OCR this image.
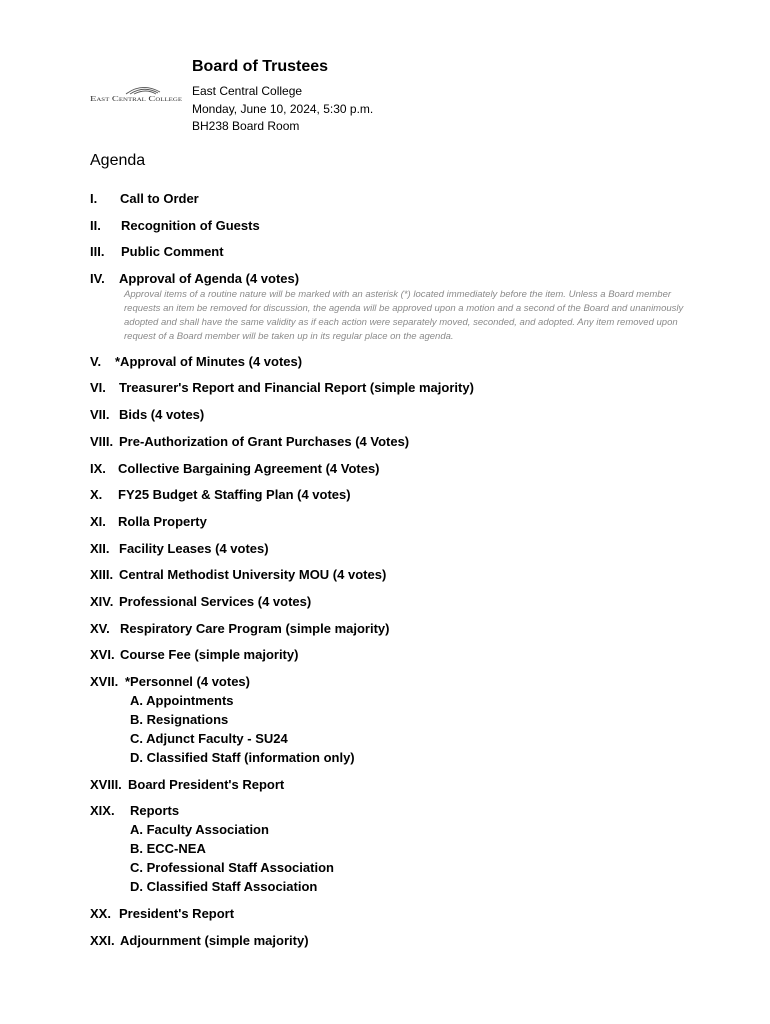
East Central College
Board of Trustees
East Central College
Monday, June 10, 2024, 5:30 p.m.
BH238 Board Room
Agenda
I.	Call to Order
II.	Recognition of Guests
III.	Public Comment
IV.	Approval of Agenda (4 votes)
Approval items of a routine nature will be marked with an asterisk (*) located immediately before the item. Unless a Board member requests an item be removed for discussion, the agenda will be approved upon a motion and a second of the Board and unanimously adopted and shall have the same validity as if each action were separately moved, seconded, and adopted. Any item removed upon request of a Board member will be taken up in its regular place on the agenda.
V.	*Approval of Minutes (4 votes)
VI.	Treasurer's Report and Financial Report (simple majority)
VII. Bids (4 votes)
VIII. Pre-Authorization of Grant Purchases (4 Votes)
IX. Collective Bargaining Agreement (4 Votes)
X.	FY25 Budget & Staffing Plan (4 votes)
XI. Rolla Property
XII. Facility Leases (4 votes)
XIII. Central Methodist University MOU (4 votes)
XIV. Professional Services (4 votes)
XV. Respiratory Care Program (simple majority)
XVI. Course Fee (simple majority)
XVII. *Personnel (4 votes)
A. Appointments
B. Resignations
C. Adjunct Faculty - SU24
D. Classified Staff (information only)
XVIII. Board President's Report
XIX.	Reports
A. Faculty Association
B. ECC-NEA
C. Professional Staff Association
D. Classified Staff Association
XX. President's Report
XXI. Adjournment (simple majority)
